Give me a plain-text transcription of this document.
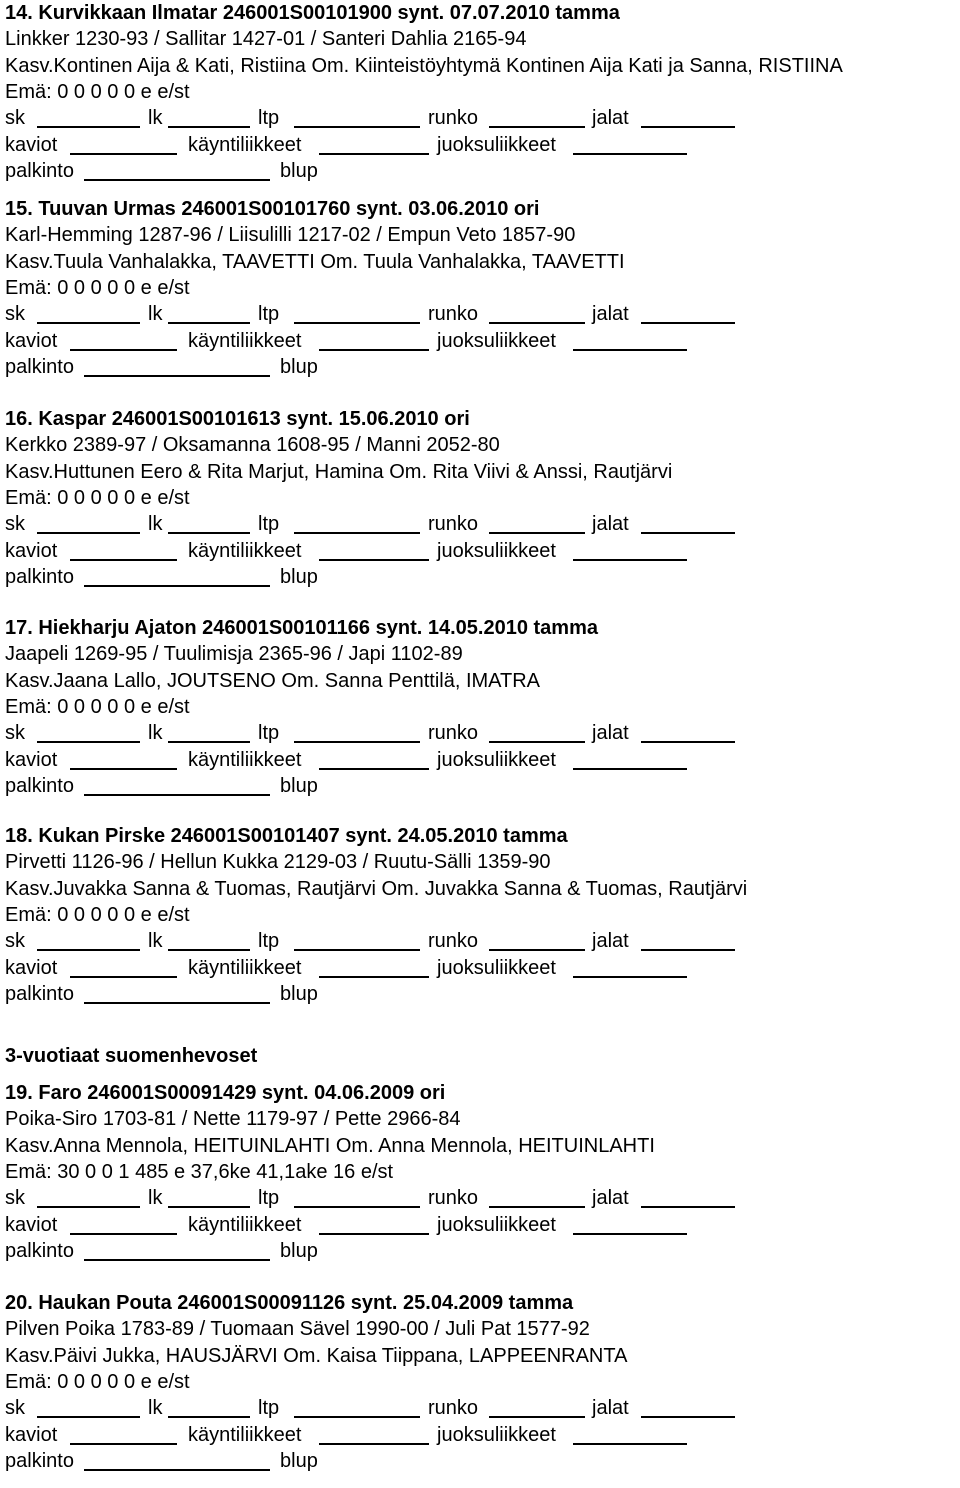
14. Kurvikkaan Ilmatar 246001S00101900 synt. 07.07.2010 tamma
Linkker 1230-93 / Sallitar 1427-01 / Santeri Dahlia 2165-94
Kasv.Kontinen Aija & Kati, Ristiina Om. Kiinteistöyhtymä Kontinen Aija Kati ja Sanna, RISTIINA
Emä: 0 0 0 0 0 e e/st
sk	lk	ltp	runko	jalat
kaviot	käyntiliikkeet	juoksuliikkeet
palkinto	blup
15. Tuuvan Urmas 246001S00101760 synt. 03.06.2010 ori
Karl-Hemming 1287-96 / Liisulilli 1217-02 / Empun Veto 1857-90
Kasv.Tuula Vanhalakka, TAAVETTI Om. Tuula Vanhalakka, TAAVETTI
Emä: 0 0 0 0 0 e e/st
sk	lk	ltp	runko	jalat
kaviot	käyntiliikkeet	juoksuliikkeet
palkinto	blup
16. Kaspar 246001S00101613 synt. 15.06.2010 ori
Kerkko 2389-97 / Oksamanna 1608-95 / Manni 2052-80
Kasv.Huttunen Eero & Rita Marjut, Hamina Om. Rita Viivi & Anssi, Rautjärvi
Emä: 0 0 0 0 0 e e/st
sk	lk	ltp	runko	jalat
kaviot	käyntiliikkeet	juoksuliikkeet
palkinto	blup
17. Hiekharju Ajaton 246001S00101166 synt. 14.05.2010 tamma
Jaapeli 1269-95 / Tuulimisja 2365-96 / Japi 1102-89
Kasv.Jaana Lallo, JOUTSENO Om. Sanna Penttilä, IMATRA
Emä: 0 0 0 0 0 e e/st
sk	lk	ltp	runko	jalat
kaviot	käyntiliikkeet	juoksuliikkeet
palkinto	blup
18. Kukan Pirske 246001S00101407 synt. 24.05.2010 tamma
Pirvetti 1126-96 / Hellun Kukka 2129-03 / Ruutu-Sälli 1359-90
Kasv.Juvakka Sanna & Tuomas, Rautjärvi Om. Juvakka Sanna & Tuomas, Rautjärvi
Emä: 0 0 0 0 0 e e/st
sk	lk	ltp	runko	jalat
kaviot	käyntiliikkeet	juoksuliikkeet
palkinto	blup
19. Faro 246001S00091429 synt. 04.06.2009 ori
Poika-Siro 1703-81 / Nette 1179-97 / Pette 2966-84
Kasv.Anna Mennola, HEITUINLAHTI Om. Anna Mennola, HEITUINLAHTI
Emä: 30 0 0 1 485 e 37,6ke 41,1ake 16 e/st
sk	lk	ltp	runko	jalat
kaviot	käyntiliikkeet	juoksuliikkeet
palkinto	blup
20. Haukan Pouta 246001S00091126 synt. 25.04.2009 tamma
Pilven Poika 1783-89 / Tuomaan Sävel 1990-00 / Juli Pat 1577-92
Kasv.Päivi Jukka, HAUSJÄRVI Om. Kaisa Tiippana, LAPPEENRANTA
Emä: 0 0 0 0 0 e e/st
sk	lk	ltp	runko	jalat
kaviot	käyntiliikkeet	juoksuliikkeet
palkinto	blup
3-vuotiaat suomenhevoset
